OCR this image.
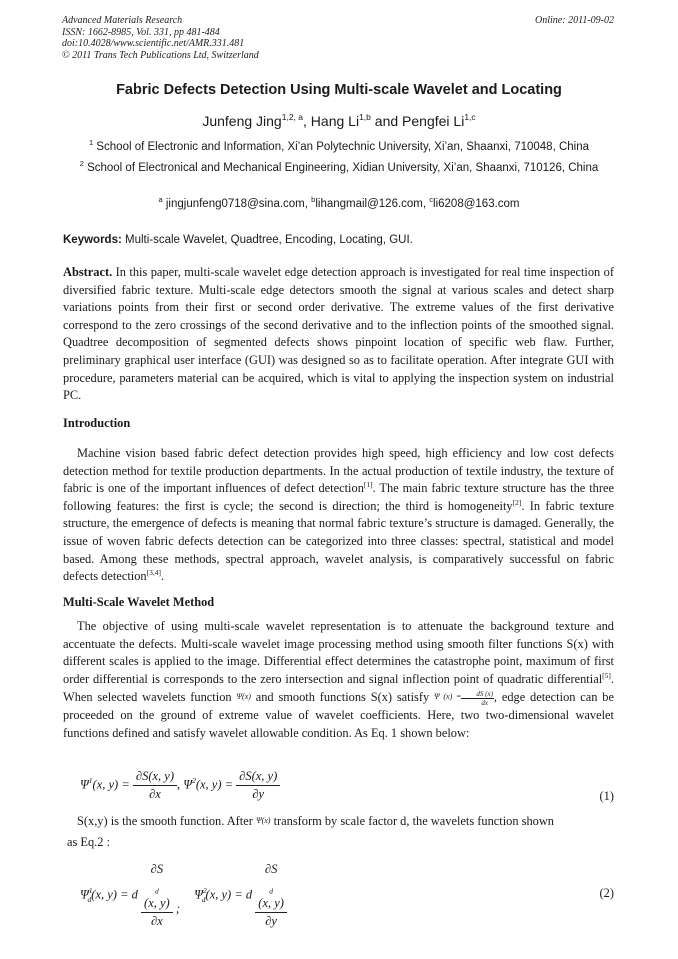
Advanced Materials Research
ISSN: 1662-8985, Vol. 331, pp 481-484
doi:10.4028/www.scientific.net/AMR.331.481
© 2011 Trans Tech Publications Ltd, Switzerland
Online: 2011-09-02
Fabric Defects Detection Using Multi-scale Wavelet and Locating
Junfeng Jing$^{1,2, a}$, Hang Li$^{1,b}$ and Pengfei Li$^{1,c}$
$^1$ School of Electronic and Information, Xi’an Polytechnic University, Xi’an, Shaanxi, 710048, China
$^2$ School of Electronical and Mechanical Engineering, Xidian University, Xi’an, Shaanxi, 710126, China
$^a$ jingjunfeng0718@sina.com, $^b$lihangmail@126.com, $^c$li6208@163.com
Keywords: Multi-scale Wavelet, Quadtree, Encoding, Locating, GUI.
Abstract. In this paper, multi-scale wavelet edge detection approach is investigated for real time inspection of diversified fabric texture. Multi-scale edge detectors smooth the signal at various scales and detect sharp variations points from their first or second order derivative. The extreme values of the first derivative correspond to the zero crossings of the second derivative and to the inflection points of the smoothed signal. Quadtree decomposition of segmented defects shows pinpoint location of specific web flaw. Further, preliminary graphical user interface (GUI) was designed so as to facilitate operation. After integrate GUI with procedure, parameters material can be acquired, which is vital to applying the inspection system on industrial PC.
Introduction
Machine vision based fabric defect detection provides high speed, high efficiency and low cost defects detection method for textile production departments. In the actual production of textile industry, the texture of fabric is one of the important influences of defect detection[1]. The main fabric texture structure has the three following features: the first is cycle; the second is direction; the third is homogeneity[2]. In fabric texture structure, the emergence of defects is meaning that normal fabric texture’s structure is damaged. Generally, the issue of woven fabric defects detection can be categorized into three classes: spectral, statistical and model based. Among these methods, spectral approach, wavelet analysis, is comparatively successful on fabric defects detection[3,4].
Multi-Scale Wavelet Method
The objective of using multi-scale wavelet representation is to attenuate the background texture and accentuate the defects. Multi-scale wavelet image processing method using smooth filter functions S(x) with different scales is applied to the image. Differential effect determines the catastrophe point, maximum of first order differential is corresponds to the zero intersection and signal inflection point of quadratic differential[5]. When selected wavelets function Ψ(x) and smooth functions S(x) satisfy Ψ $(x) = \frac{dS (x)}{dx}$ , edge detection can be proceeded on the ground of extreme value of wavelet coefficients. Here, two two-dimensional wavelet functions defined and satisfy wavelet allowable condition. As Eq. 1 shown below:
$\Psi^1(x$, $y) = \frac{\partial S(x, y)}{\partial x}$ , $\Psi^2(x$, $y) = \frac{\partial S(x, y)}{\partial y}$	(1)
S(x,y) is the smooth function. After Ψ(x) transform by scale factor d, the wavelets function shown
as Eq.2 :
$\Psi^1_d(x$, y) = d ∂S
$_d$
(x, y)
∂x ;  $\Psi^2_d(x$, y) = d ∂S
$_d$
(x, y)
∂y	(2)
